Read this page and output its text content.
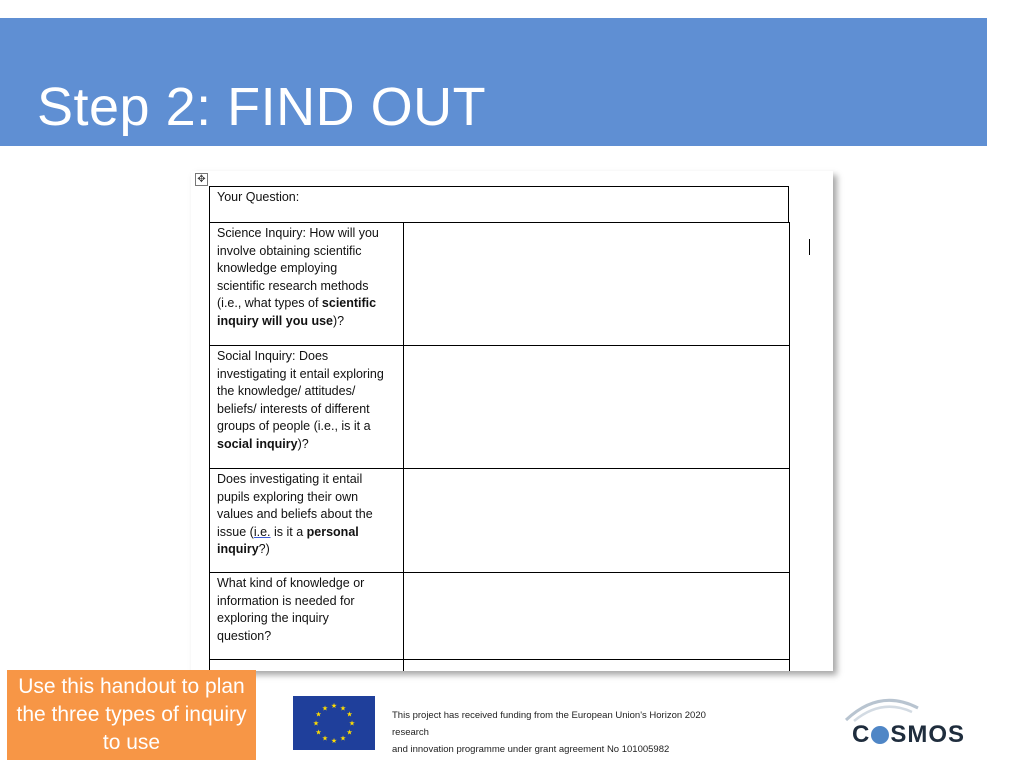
Step 2: FIND OUT
✥
Your Question:
Science Inquiry: How will you
involve obtaining scientific
knowledge employing
scientific research methods
(i.e., what types of scientific
inquiry will you use)?
Social Inquiry: Does
investigating it entail exploring
the knowledge/ attitudes/
beliefs/ interests of different
groups of people (i.e., is it a
social inquiry)?
Does investigating it entail
pupils exploring their own
values and beliefs about the
issue (i.e. is it a personal
inquiry?)
What kind of knowledge or
information is needed for
exploring the inquiry
question?
Use this handout to plan the three types of inquiry to use
★ ★
★
★
★
★
★
★
★
★
★
★
This project has received funding from the European Union's Horizon 2020 research
and innovation programme under grant agreement No 101005982
C SMOS
